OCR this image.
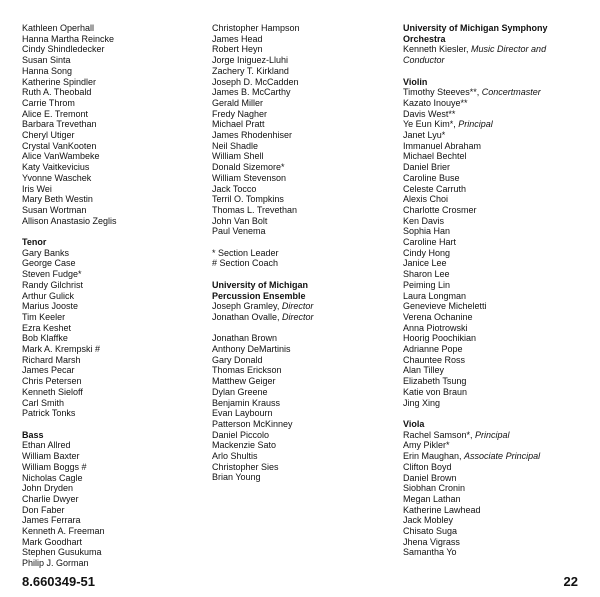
Kathleen Operhall
Hanna Martha Reincke
Cindy Shindledecker
Susan Sinta
Hanna Song
Katherine Spindler
Ruth A. Theobald
Carrie Throm
Alice E. Tremont
Barbara Trevethan
Cheryl Utiger
Crystal VanKooten
Alice VanWambeke
Katy Vaitkevicius
Yvonne Waschek
Iris Wei
Mary Beth Westin
Susan Wortman
Allison Anastasio Zeglis
Tenor
Gary Banks
George Case
Steven Fudge*
Randy Gilchrist
Arthur Gulick
Marius Jooste
Tim Keeler
Ezra Keshet
Bob Klaffke
Mark A. Krempski #
Richard Marsh
James Pecar
Chris Petersen
Kenneth Sieloff
Carl Smith
Patrick Tonks
Bass
Ethan Allred
William Baxter
William Boggs #
Nicholas Cagle
John Dryden
Charlie Dwyer
Don Faber
James Ferrara
Kenneth A. Freeman
Mark Goodhart
Stephen Gusukuma
Philip J. Gorman
Christopher Hampson
James Head
Robert Heyn
Jorge Iniguez-Lluhi
Zachery T. Kirkland
Joseph D. McCadden
James B. McCarthy
Gerald Miller
Fredy Nagher
Michael Pratt
James Rhodenhiser
Neil Shadle
William Shell
Donald Sizemore*
William Stevenson
Jack Tocco
Terril O. Tompkins
Thomas L. Trevethan
John Van Bolt
Paul Venema
* Section Leader
# Section Coach
University of Michigan
Percussion Ensemble
Joseph Gramley, Director
Jonathan Ovalle, Director
Jonathan Brown
Anthony DeMartinis
Gary Donald
Thomas Erickson
Matthew Geiger
Dylan Greene
Benjamin Krauss
Evan Laybourn
Patterson McKinney
Daniel Piccolo
Mackenzie Sato
Arlo Shultis
Christopher Sies
Brian Young
University of Michigan Symphony
Orchestra
Kenneth Kiesler, Music Director and Conductor
Violin
Timothy Steeves**, Concertmaster
Kazato Inouye**
Davis West**
Ye Eun Kim*, Principal
Janet Lyu*
Immanuel Abraham
Michael Bechtel
Daniel Brier
Caroline Buse
Celeste Carruth
Alexis Choi
Charlotte Crosmer
Ken Davis
Sophia Han
Caroline Hart
Cindy Hong
Janice Lee
Sharon Lee
Peiming Lin
Laura Longman
Genevieve Micheletti
Verena Ochanine
Anna Piotrowski
Hoorig Poochikian
Adrianne Pope
Chauntee Ross
Alan Tilley
Elizabeth Tsung
Katie von Braun
Jing Xing
Viola
Rachel Samson*, Principal
Amy Pikler*
Erin Maughan, Associate Principal
Clifton Boyd
Daniel Brown
Siobhan Cronin
Megan Lathan
Katherine Lawhead
Jack Mobley
Chisato Suga
Jhena Vigrass
Samantha Yo
8.660349-51	22
